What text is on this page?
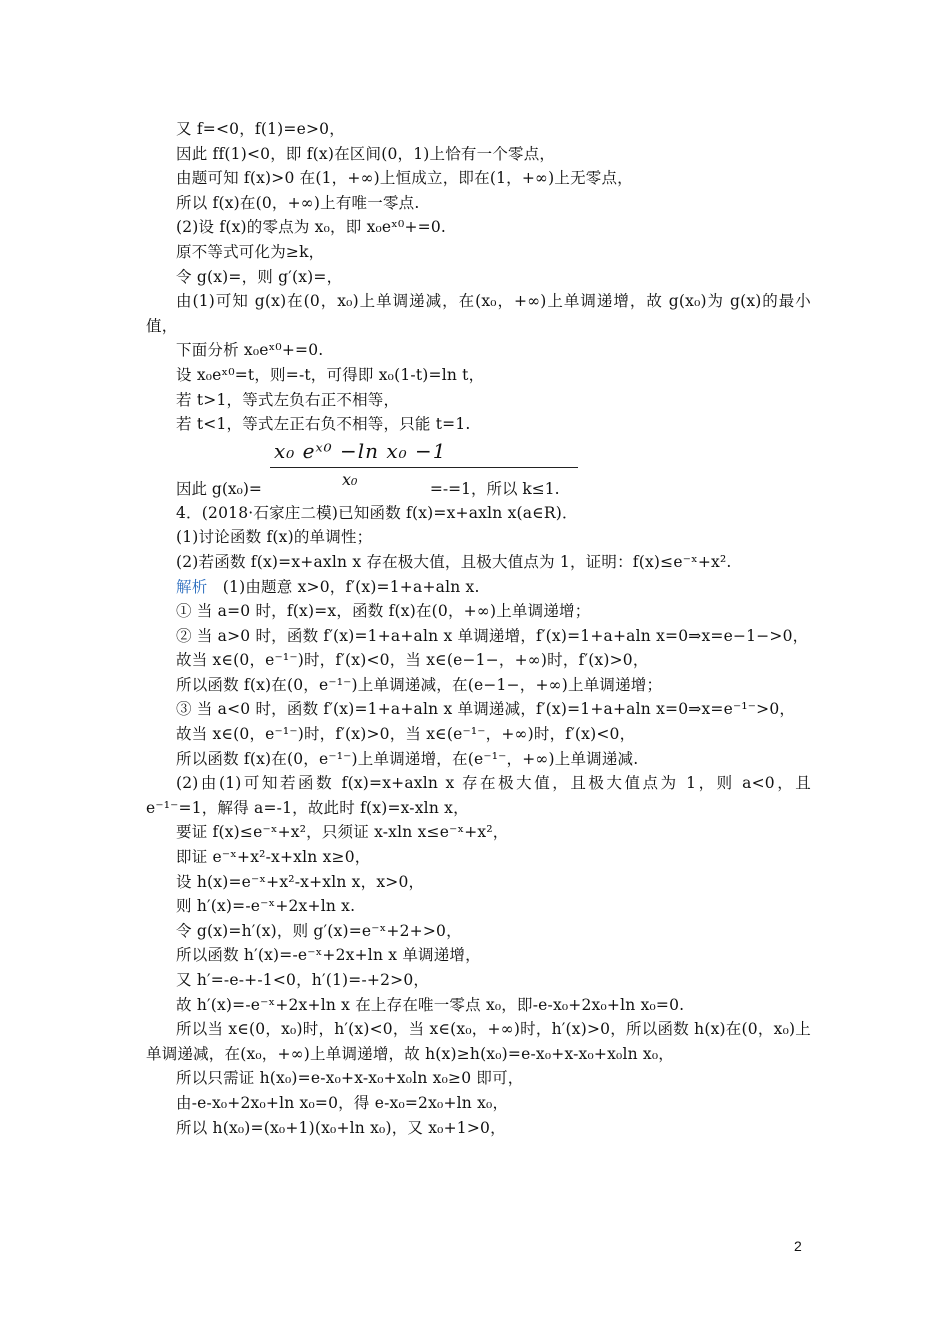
又 f=<0，f(1)=e>0，
因此 ff(1)<0，即 f(x)在区间(0，1)上恰有一个零点，
由题可知 f(x)>0 在(1，+∞)上恒成立，即在(1，+∞)上无零点，
所以 f(x)在(0，+∞)上有唯一零点.
(2)设 f(x)的零点为 x₀，即 x₀eˣ⁰+=0.
原不等式可化为≥k，
令 g(x)=，则 g′(x)=，
由(1)可知 g(x)在(0，x₀)上单调递减，在(x₀，+∞)上单调递增，故 g(x₀)为 g(x)的最小值，
下面分析 x₀eˣ⁰+=0.
设 x₀eˣ⁰=t，则=-t，可得即 x₀(1-t)=ln t，
若 t>1，等式左负右正不相等，
若 t<1，等式左正右负不相等，只能 t=1.
x₀ eˣ⁰ −ln x₀ −1
x₀
因此 g(x₀)=	=-=1，所以 k≤1.
4．(2018·石家庄二模)已知函数 f(x)=x+axln x(a∈R)．
(1)讨论函数 f(x)的单调性；
(2)若函数 f(x)=x+axln x 存在极大值，且极大值点为 1，证明：f(x)≤e⁻ˣ+x².
解析 (1)由题意 x>0，f′(x)=1+a+aln x.
① 当 a=0 时，f(x)=x，函数 f(x)在(0，+∞)上单调递增；
② 当 a>0 时，函数 f′(x)=1+a+aln x 单调递增，f′(x)=1+a+aln x=0⇒x=e−1−>0，
故当 x∈(0，e⁻¹⁻)时，f′(x)<0，当 x∈(e−1−，+∞)时，f′(x)>0，
所以函数 f(x)在(0，e⁻¹⁻)上单调递减，在(e−1−，+∞)上单调递增；
③ 当 a<0 时，函数 f′(x)=1+a+aln x 单调递减，f′(x)=1+a+aln x=0⇒x=e⁻¹⁻>0，
故当 x∈(0，e⁻¹⁻)时，f′(x)>0，当 x∈(e⁻¹⁻，+∞)时，f′(x)<0，
所以函数 f(x)在(0，e⁻¹⁻)上单调递增，在(e⁻¹⁻，+∞)上单调递减.
(2)由(1)可知若函数 f(x)=x+axln x 存在极大值，且极大值点为 1，则 a<0，且 e⁻¹⁻=1，解得 a=-1，故此时 f(x)=x-xln x，
要证 f(x)≤e⁻ˣ+x²，只须证 x-xln x≤e⁻ˣ+x²，
即证 e⁻ˣ+x²-x+xln x≥0，
设 h(x)=e⁻ˣ+x²-x+xln x，x>0，
则 h′(x)=-e⁻ˣ+2x+ln x.
令 g(x)=h′(x)，则 g′(x)=e⁻ˣ+2+>0，
所以函数 h′(x)=-e⁻ˣ+2x+ln x 单调递增，
又 h′=-e-+-1<0，h′(1)=-+2>0，
故 h′(x)=-e⁻ˣ+2x+ln x 在上存在唯一零点 x₀，即-e-x₀+2x₀+ln x₀=0.
所以当 x∈(0，x₀)时，h′(x)<0，当 x∈(x₀，+∞)时，h′(x)>0，所以函数 h(x)在(0，x₀)上单调递减，在(x₀，+∞)上单调递增，故 h(x)≥h(x₀)=e-x₀+x-x₀+x₀ln x₀，
所以只需证 h(x₀)=e-x₀+x-x₀+x₀ln x₀≥0 即可，
由-e-x₀+2x₀+ln x₀=0，得 e-x₀=2x₀+ln x₀，
所以 h(x₀)=(x₀+1)(x₀+ln x₀)，又 x₀+1>0，
2
